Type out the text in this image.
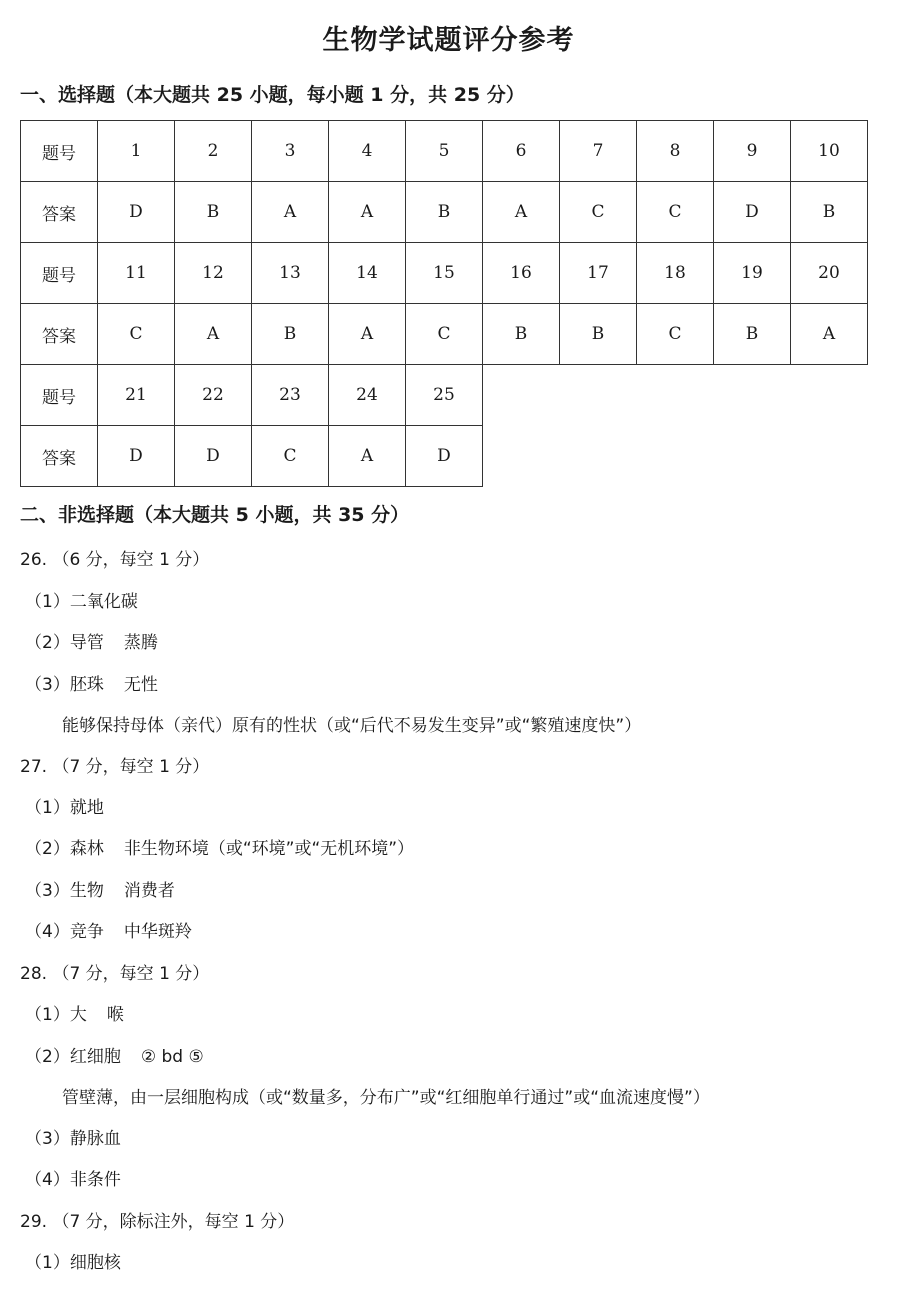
生物学试题评分参考
一、选择题（本大题共 25 小题，每小题 1 分，共 25 分）
题号	1	2	3	4	5	6	7	8	9	10
答案	D	B	A	A	B	A	C	C	D	B
题号	11	12	13	14	15	16	17	18	19	20
答案	C	A	B	A	C	B	B	C	B	A
题号	21	22	23	24	25					
答案	D	D	C	A	D					
二、非选择题（本大题共 5 小题，共 35 分）
26. （6 分，每空 1 分）
（1）二氧化碳
（2）导管 蒸腾
（3）胚珠 无性
能够保持母体（亲代）原有的性状（或“后代不易发生变异”或“繁殖速度快”）
27. （7 分，每空 1 分）
（1）就地
（2）森林 非生物环境（或“环境”或“无机环境”）
（3）生物 消费者
（4）竞争 中华斑羚
28. （7 分，每空 1 分）
（1）大 喉
（2）红细胞 ② bd ⑤
管壁薄，由一层细胞构成（或“数量多，分布广”或“红细胞单行通过”或“血流速度慢”）
（3）静脉血
（4）非条件
29. （7 分，除标注外，每空 1 分）
（1）细胞核
